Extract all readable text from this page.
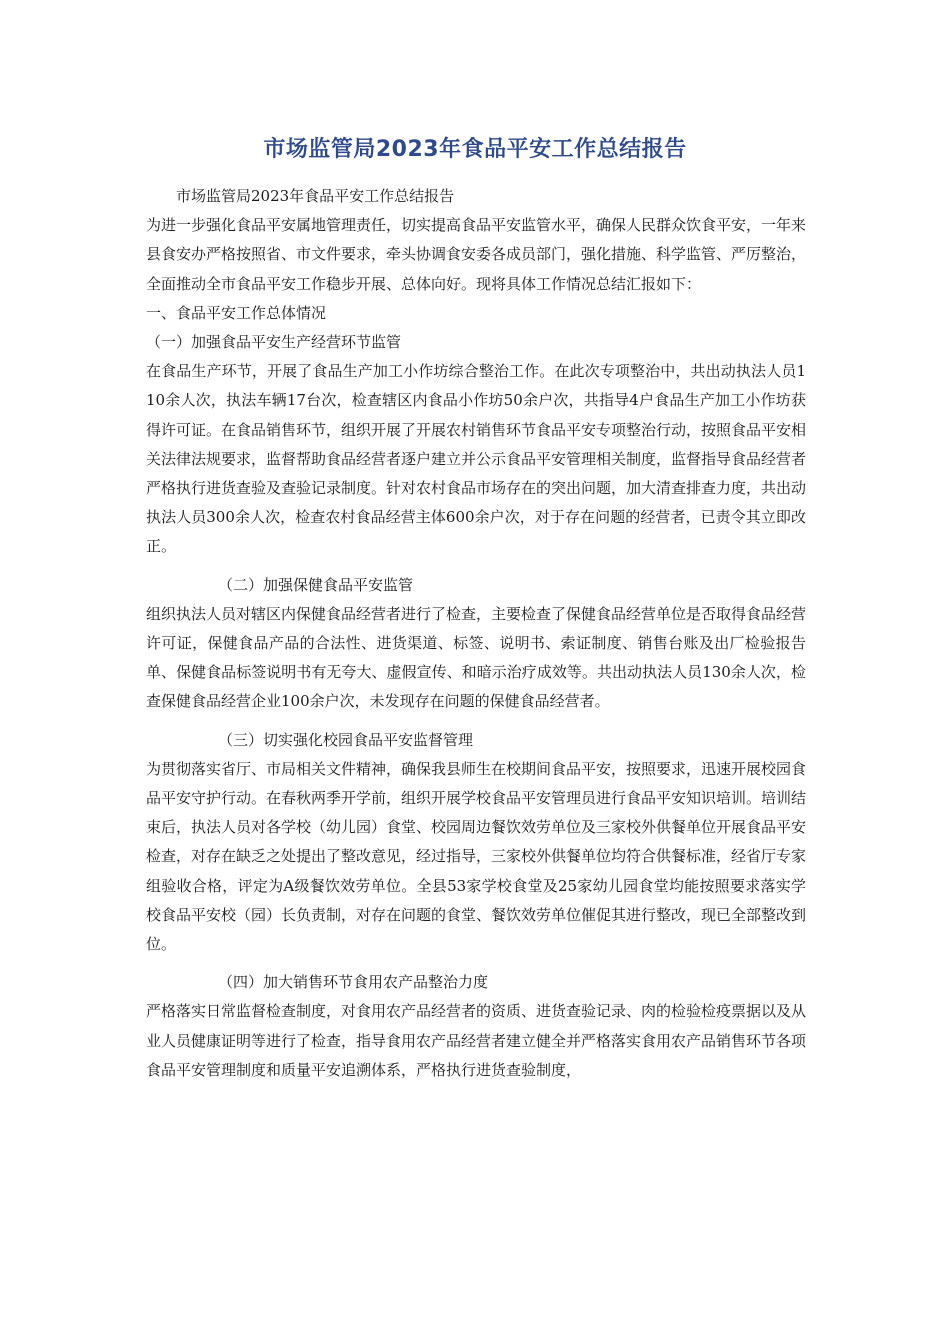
市场监管局2023年食品平安工作总结报告

市场监管局2023年食品平安工作总结报告

为进一步强化食品平安属地管理责任，切实提高食品平安监管水平，确保人民群众饮食平安，一年来县食安办严格按照省、市文件要求，牵头协调食安委各成员部门，强化措施、科学监管、严厉整治，全面推动全市食品平安工作稳步开展、总体向好。现将具体工作情况总结汇报如下：

一、食品平安工作总体情况

（一）加强食品平安生产经营环节监管

在食品生产环节，开展了食品生产加工小作坊综合整治工作。在此次专项整治中，共出动执法人员110余人次，执法车辆17台次，检查辖区内食品小作坊50余户次，共指导4户食品生产加工小作坊获得许可证。在食品销售环节，组织开展了开展农村销售环节食品平安专项整治行动，按照食品平安相关法律法规要求，监督帮助食品经营者逐户建立并公示食品平安管理相关制度，监督指导食品经营者严格执行进货查验及查验记录制度。针对农村食品市场存在的突出问题，加大清查排查力度，共出动执法人员300余人次，检查农村食品经营主体600余户次，对于存在问题的经营者，已责令其立即改正。

（二）加强保健食品平安监管

组织执法人员对辖区内保健食品经营者进行了检查，主要检查了保健食品经营单位是否取得食品经营许可证，保健食品产品的合法性、进货渠道、标签、说明书、索证制度、销售台账及出厂检验报告单、保健食品标签说明书有无夸大、虚假宣传、和暗示治疗成效等。共出动执法人员130余人次，检查保健食品经营企业100余户次，未发现存在问题的保健食品经营者。

（三）切实强化校园食品平安监督管理

为贯彻落实省厅、市局相关文件精神，确保我县师生在校期间食品平安，按照要求，迅速开展校园食品平安守护行动。在春秋两季开学前，组织开展学校食品平安管理员进行食品平安知识培训。培训结束后，执法人员对各学校（幼儿园）食堂、校园周边餐饮效劳单位及三家校外供餐单位开展食品平安检查，对存在缺乏之处提出了整改意见，经过指导，三家校外供餐单位均符合供餐标准，经省厅专家组验收合格，评定为A级餐饮效劳单位。全县53家学校食堂及25家幼儿园食堂均能按照要求落实学校食品平安校（园）长负责制，对存在问题的食堂、餐饮效劳单位催促其进行整改，现已全部整改到位。

（四）加大销售环节食用农产品整治力度

严格落实日常监督检查制度，对食用农产品经营者的资质、进货查验记录、肉的检验检疫票据以及从业人员健康证明等进行了检查，指导食用农产品经营者建立健全并严格落实食用农产品销售环节各项食品平安管理制度和质量平安追溯体系，严格执行进货查验制度，
